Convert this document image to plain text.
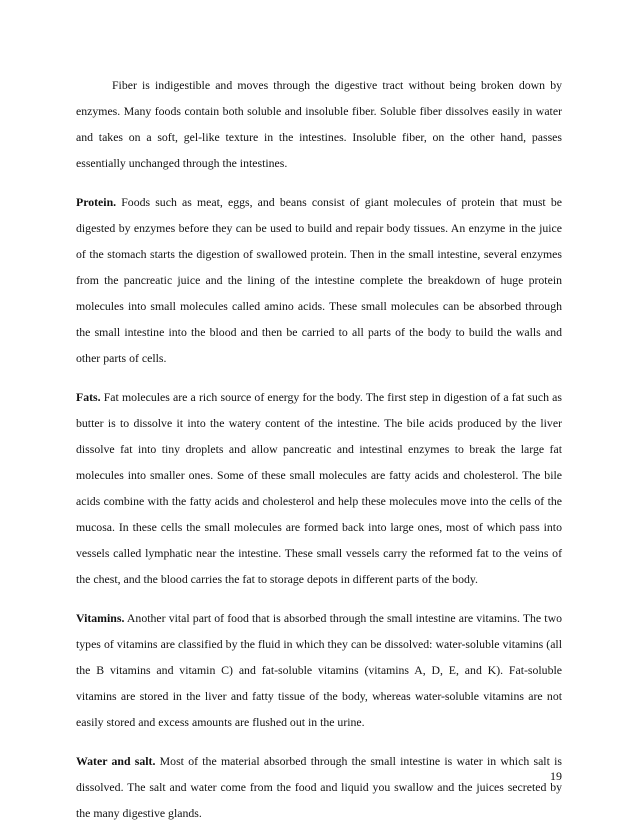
Fiber is indigestible and moves through the digestive tract without being broken down by enzymes. Many foods contain both soluble and insoluble fiber. Soluble fiber dissolves easily in water and takes on a soft, gel-like texture in the intestines. Insoluble fiber, on the other hand, passes essentially unchanged through the intestines.

Protein. Foods such as meat, eggs, and beans consist of giant molecules of protein that must be digested by enzymes before they can be used to build and repair body tissues. An enzyme in the juice of the stomach starts the digestion of swallowed protein. Then in the small intestine, several enzymes from the pancreatic juice and the lining of the intestine complete the breakdown of huge protein molecules into small molecules called amino acids. These small molecules can be absorbed through the small intestine into the blood and then be carried to all parts of the body to build the walls and other parts of cells.

Fats. Fat molecules are a rich source of energy for the body. The first step in digestion of a fat such as butter is to dissolve it into the watery content of the intestine. The bile acids produced by the liver dissolve fat into tiny droplets and allow pancreatic and intestinal enzymes to break the large fat molecules into smaller ones. Some of these small molecules are fatty acids and cholesterol. The bile acids combine with the fatty acids and cholesterol and help these molecules move into the cells of the mucosa. In these cells the small molecules are formed back into large ones, most of which pass into vessels called lymphatic near the intestine. These small vessels carry the reformed fat to the veins of the chest, and the blood carries the fat to storage depots in different parts of the body.

Vitamins. Another vital part of food that is absorbed through the small intestine are vitamins. The two types of vitamins are classified by the fluid in which they can be dissolved: water-soluble vitamins (all the B vitamins and vitamin C) and fat-soluble vitamins (vitamins A, D, E, and K). Fat-soluble vitamins are stored in the liver and fatty tissue of the body, whereas water-soluble vitamins are not easily stored and excess amounts are flushed out in the urine.

Water and salt. Most of the material absorbed through the small intestine is water in which salt is dissolved. The salt and water come from the food and liquid you swallow and the juices secreted by the many digestive glands.

19
